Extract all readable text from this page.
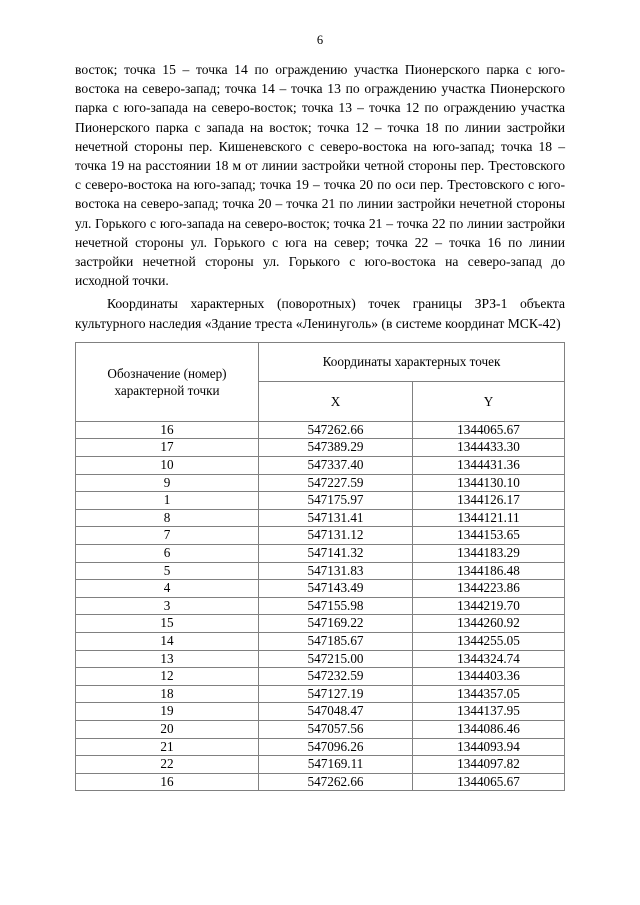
6

восток; точка 15 – точка 14 по ограждению участка Пионерского парка с юго-востока на северо-запад; точка 14 – точка 13 по ограждению участка Пионерского парка с юго-запада на северо-восток; точка 13 – точка 12 по ограждению участка Пионерского парка с запада на восток; точка 12 – точка 18 по линии застройки нечетной стороны пер. Кишеневского с северо-востока на юго-запад; точка 18 – точка 19 на расстоянии 18 м от линии застройки четной стороны пер. Трестовского с северо-востока на юго-запад; точка 19 – точка 20 по оси пер. Трестовского с юго-востока на северо-запад; точка 20 – точка 21 по линии застройки нечетной стороны ул. Горького с юго-запада на северо-восток; точка 21 – точка 22 по линии застройки нечетной стороны ул. Горького с юга на север; точка 22 – точка 16 по линии застройки нечетной стороны ул. Горького с юго-востока на северо-запад до исходной точки.

Координаты характерных (поворотных) точек границы ЗРЗ-1 объекта культурного наследия «Здание треста «Ленинуголь» (в системе координат МСК-42)

Обозначение (номер) характерной точки	Координаты характерных точек	
	X	Y
16	547262.66	1344065.67
17	547389.29	1344433.30
10	547337.40	1344431.36
9	547227.59	1344130.10
1	547175.97	1344126.17
8	547131.41	1344121.11
7	547131.12	1344153.65
6	547141.32	1344183.29
5	547131.83	1344186.48
4	547143.49	1344223.86
3	547155.98	1344219.70
15	547169.22	1344260.92
14	547185.67	1344255.05
13	547215.00	1344324.74
12	547232.59	1344403.36
18	547127.19	1344357.05
19	547048.47	1344137.95
20	547057.56	1344086.46
21	547096.26	1344093.94
22	547169.11	1344097.82
16	547262.66	1344065.67
